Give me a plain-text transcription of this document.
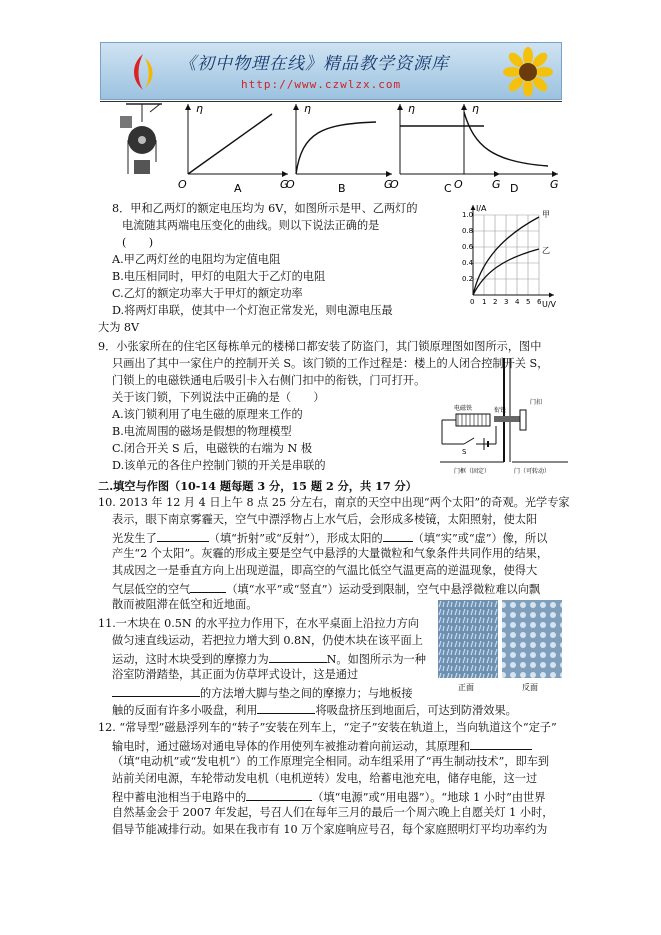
《初中物理在线》精品教学资源库
http://www.czwlzx.com
η
O	G
A
η
O	G
B
η
O	G
C
η
O	G
D
8．甲和乙两灯的额定电压均为 6V，如图所示是甲、乙两灯的
电流随其两端电压变化的曲线。则以下说法正确的是
(　　)
A.甲乙两灯丝的电阻均为定值电阻
B.电压相同时，甲灯的电阻大于乙灯的电阻
C.乙灯的额定功率大于甲灯的额定功率
D.将两灯串联，使其中一个灯泡正常发光，则电源电压最
大为 8V
I/A
U/V
甲
乙
1.0
0.8
0.6
0.4
0.2
0 1 2 3 4 5 6
9．小张家所在的住宅区每栋单元的楼梯口都安装了防盗门，其门锁原理图如图所示，图中
只画出了其中一家住户的控制开关 S。该门锁的工作过程是：楼上的人闭合控制开关 S，
门锁上的电磁铁通电后吸引卡入右侧门扣中的衔铁，门可打开。
关于该门锁，下列说法中正确的是（　　）
A.该门锁利用了电生磁的原理来工作的
B.电流周围的磁场是假想的物理模型
C.闭合开关 S 后，电磁铁的右端为 N 极
D.该单元的各住户控制门锁的开关是串联的
电磁铁	衔铁
门扣
S
门框（固定）	门（可转动）
二.填空与作图（10-14 题每题 3 分，15 题 2 分，共 17 分）
10. 2013 年 12 月 4 日上午 8 点 25 分左右，南京的天空中出现“两个太阳”的奇观。光学专家
表示，眼下南京雾霾天，空气中漂浮物占上水气后，会形成多棱镜，太阳照射，使太阳
光发生了	（填“折射”或“反射”），形成太阳的	（填“实”或“虚”）像，所以
产生“2 个太阳”。灰霾的形成主要是空气中悬浮的大量微粒和气象条件共同作用的结果，
其成因之一是垂直方向上出现逆温，即高空的气温比低空气温更高的逆温现象，使得大
气层低空的空气	（填“水平”或“竖直”）运动受到限制，空气中悬浮微粒难以向飘
散而被阻滞在低空和近地面。
11.一木块在 0.5N 的水平拉力作用下，在水平桌面上沿拉力方向
做匀速直线运动，若把拉力增大到 0.8N，仍使木块在该平面上
运动，这时木块受到的摩擦力为	N。如图所示为一种
浴室防滑踏垫，其正面为仿草坪式设计，这是通过
的方法增大脚与垫之间的摩擦力；与地板接
触的反面有许多小吸盘，利用	将吸盘挤压到地面后，可达到防滑效果。
正面	反面
12. “常导型”磁悬浮列车的“转子”安装在列车上，“定子”安装在轨道上，当向轨道这个“定子”
输电时，通过磁场对通电导体的作用使列车被推动着向前运动，其原理和
（填“电动机”或“发电机”）的工作原理完全相同。动车组采用了“再生制动技术”，即车到
站前关闭电源，车轮带动发电机（电机逆转）发电，给蓄电池充电，储存电能，这一过
程中蓄电池相当于电路中的	（填“电源”或“用电器”）。“地球 1 小时”由世界
自然基金会于 2007 年发起，号召人们在每年三月的最后一个周六晚上自愿关灯 1 小时，
倡导节能减排行动。如果在我市有 10 万个家庭响应号召，每个家庭照明灯平均功率约为
